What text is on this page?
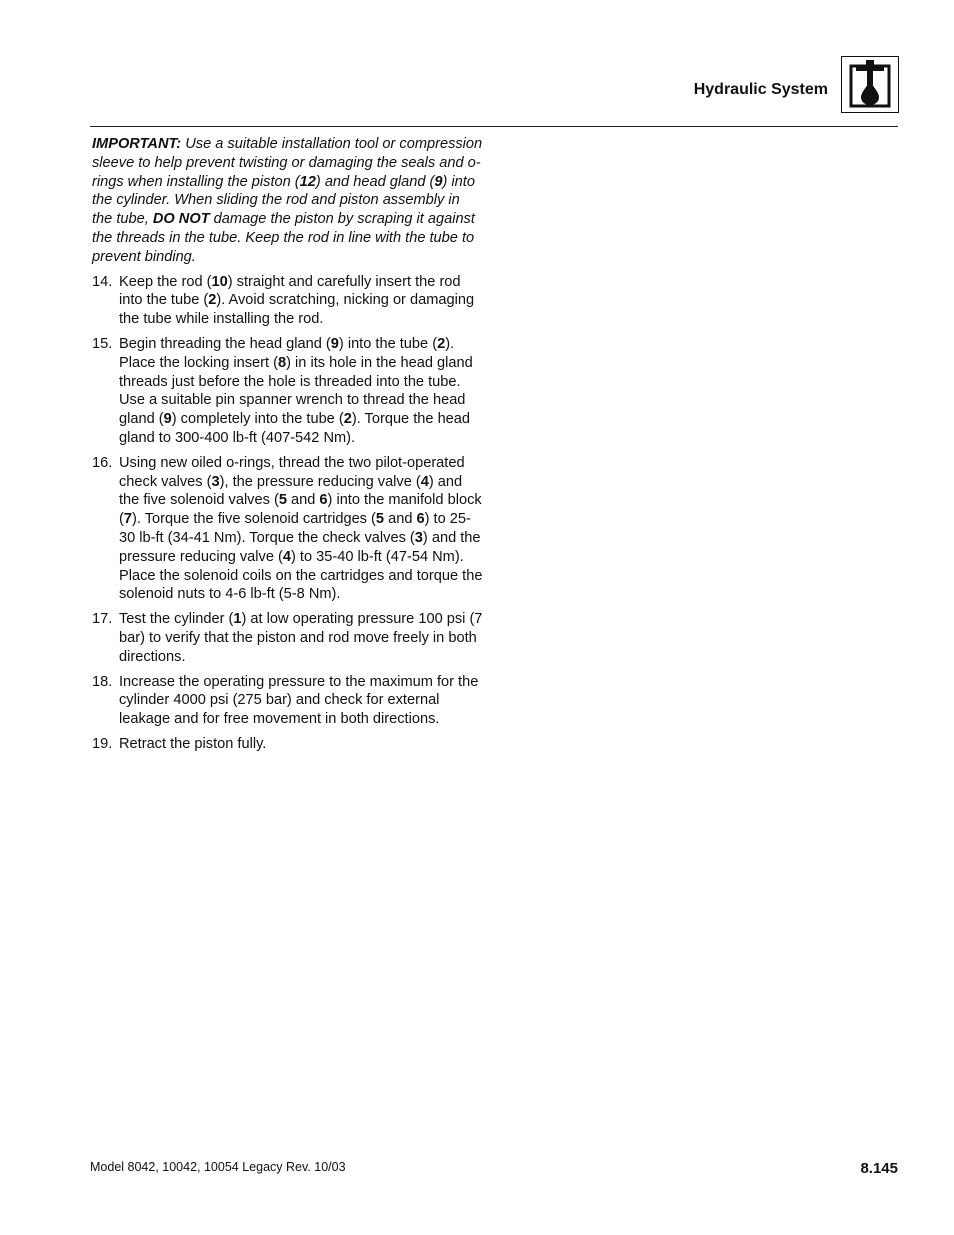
Hydraulic System

IMPORTANT: Use a suitable installation tool or compression sleeve to help prevent twisting or damaging the seals and o-rings when installing the piston (12) and head gland (9) into the cylinder. When sliding the rod and piston assembly in the tube, DO NOT damage the piston by scraping it against the threads in the tube. Keep the rod in line with the tube to prevent binding.

14. Keep the rod (10) straight and carefully insert the rod into the tube (2). Avoid scratching, nicking or damaging the tube while installing the rod.
15. Begin threading the head gland (9) into the tube (2). Place the locking insert (8) in its hole in the head gland threads just before the hole is threaded into the tube. Use a suitable pin spanner wrench to thread the head gland (9) completely into the tube (2). Torque the head gland to 300-400 lb-ft (407-542 Nm).
16. Using new oiled o-rings, thread the two pilot-operated check valves (3), the pressure reducing valve (4) and the five solenoid valves (5 and 6) into the manifold block (7). Torque the five solenoid cartridges (5 and 6) to 25-30 lb-ft (34-41 Nm). Torque the check valves (3) and the pressure reducing valve (4) to 35-40 lb-ft (47-54 Nm). Place the solenoid coils on the cartridges and torque the solenoid nuts to 4-6 lb-ft (5-8 Nm).
17. Test the cylinder (1) at low operating pressure 100 psi (7 bar) to verify that the piston and rod move freely in both directions.
18. Increase the operating pressure to the maximum for the cylinder 4000 psi (275 bar) and check for external leakage and for free movement in both directions.
19. Retract the piston fully.
Model 8042, 10042, 10054 Legacy Rev. 10/03	8.145
